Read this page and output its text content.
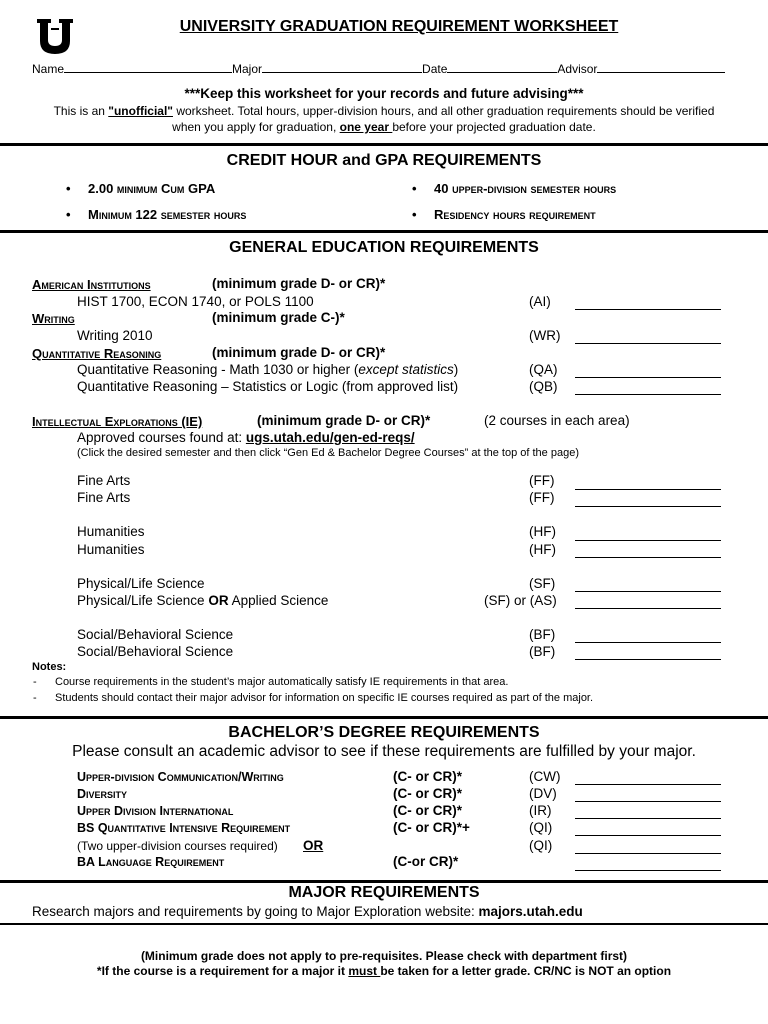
UNIVERSITY GRADUATION REQUIREMENT WORKSHEET
Name	Major	Date	Advisor
***Keep this worksheet for your records and future advising***
This is an "unofficial" worksheet. Total hours, upper-division hours, and all other graduation requirements should be verified
when you apply for graduation, one year before your projected graduation date.
CREDIT HOUR and GPA REQUIREMENTS
• 2.00 minimum Cum GPA	• 40 upper-division semester hours
• Minimum 122 semester hours	• Residency hours requirement
GENERAL EDUCATION REQUIREMENTS
American Institutions	(minimum grade D- or CR)*
HIST 1700, ECON 1740, or POLS 1100	(AI)
Writing	(minimum grade C-)*
Writing 2010	(WR)
Quantitative Reasoning	(minimum grade D- or CR)*
Quantitative Reasoning - Math 1030 or higher (except statistics)	(QA)
Quantitative Reasoning – Statistics or Logic (from approved list)	(QB)
Intellectual Explorations (IE)	(minimum grade D- or CR)*	(2 courses in each area)
Approved courses found at: ugs.utah.edu/gen-ed-reqs/
(Click the desired semester and then click “Gen Ed & Bachelor Degree Courses” at the top of the page)
Fine Arts	(FF)
Fine Arts	(FF)
Humanities	(HF)
Humanities	(HF)
Physical/Life Science	(SF)
Physical/Life Science OR Applied Science	(SF) or (AS)
Social/Behavioral Science	(BF)
Social/Behavioral Science	(BF)
Notes:
- Course requirements in the student’s major automatically satisfy IE requirements in that area.
- Students should contact their major advisor for information on specific IE courses required as part of the major.
BACHELOR’S DEGREE REQUIREMENTS
Please consult an academic advisor to see if these requirements are fulfilled by your major.
Upper-division Communication/Writing	(C- or CR)*	(CW)
Diversity	(C- or CR)*	(DV)
Upper Division International	(C- or CR)*	(IR)
BS Quantitative Intensive Requirement	(C- or CR)*+	(QI)
(Two upper-division courses required) OR	(QI)
BA Language Requirement	(C-or CR)*
MAJOR REQUIREMENTS
Research majors and requirements by going to Major Exploration website: majors.utah.edu
(Minimum grade does not apply to pre-requisites. Please check with department first)
*If the course is a requirement for a major it must be taken for a letter grade. CR/NC is NOT an option
